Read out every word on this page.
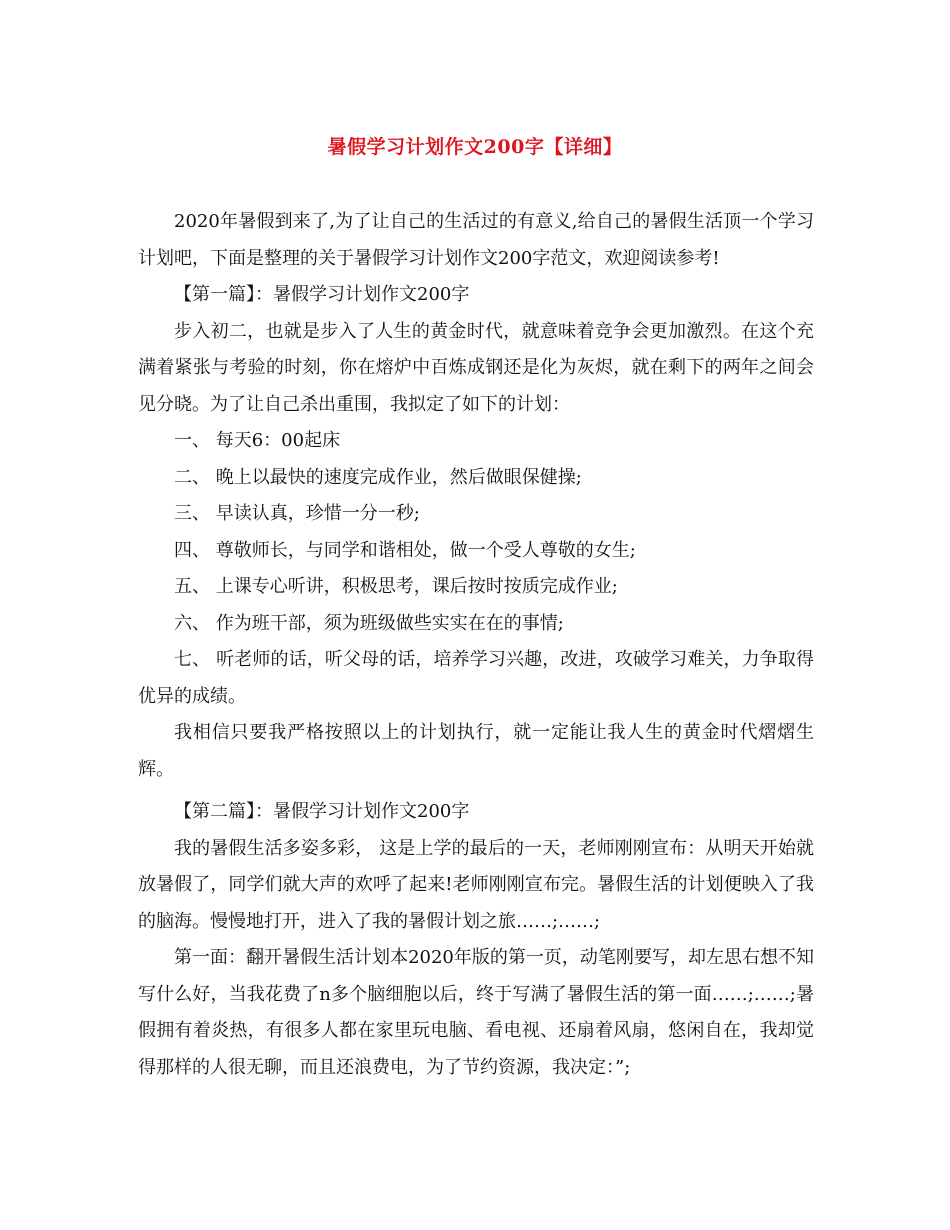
暑假学习计划作文200字【详细】

2020年暑假到来了,为了让自己的生活过的有意义,给自己的暑假生活顶一个学习计划吧，下面是整理的关于暑假学习计划作文200字范文，欢迎阅读参考!

【第一篇】：暑假学习计划作文200字

步入初二，也就是步入了人生的黄金时代，就意味着竞争会更加激烈。在这个充满着紧张与考验的时刻，你在熔炉中百炼成钢还是化为灰烬，就在剩下的两年之间会见分晓。为了让自己杀出重围，我拟定了如下的计划：

一、 每天6：00起床

二、 晚上以最快的速度完成作业，然后做眼保健操;

三、 早读认真，珍惜一分一秒;

四、 尊敬师长，与同学和谐相处，做一个受人尊敬的女生;

五、 上课专心听讲，积极思考，课后按时按质完成作业;

六、 作为班干部，须为班级做些实实在在的事情;

七、 听老师的话，听父母的话，培养学习兴趣，改进，攻破学习难关，力争取得优异的成绩。

我相信只要我严格按照以上的计划执行，就一定能让我人生的黄金时代熠熠生辉。

【第二篇】：暑假学习计划作文200字

我的暑假生活多姿多彩， 这是上学的最后的一天，老师刚刚宣布：从明天开始就放暑假了，同学们就大声的欢呼了起来!老师刚刚宣布完。暑假生活的计划便映入了我的脑海。慢慢地打开，进入了我的暑假计划之旅……;……;

第一面：翻开暑假生活计划本2020年版的第一页，动笔刚要写，却左思右想不知写什么好，当我花费了n多个脑细胞以后，终于写满了暑假生活的第一面……;……;暑假拥有着炎热，有很多人都在家里玩电脑、看电视、还扇着风扇，悠闲自在，我却觉得那样的人很无聊，而且还浪费电，为了节约资源，我决定：”;
